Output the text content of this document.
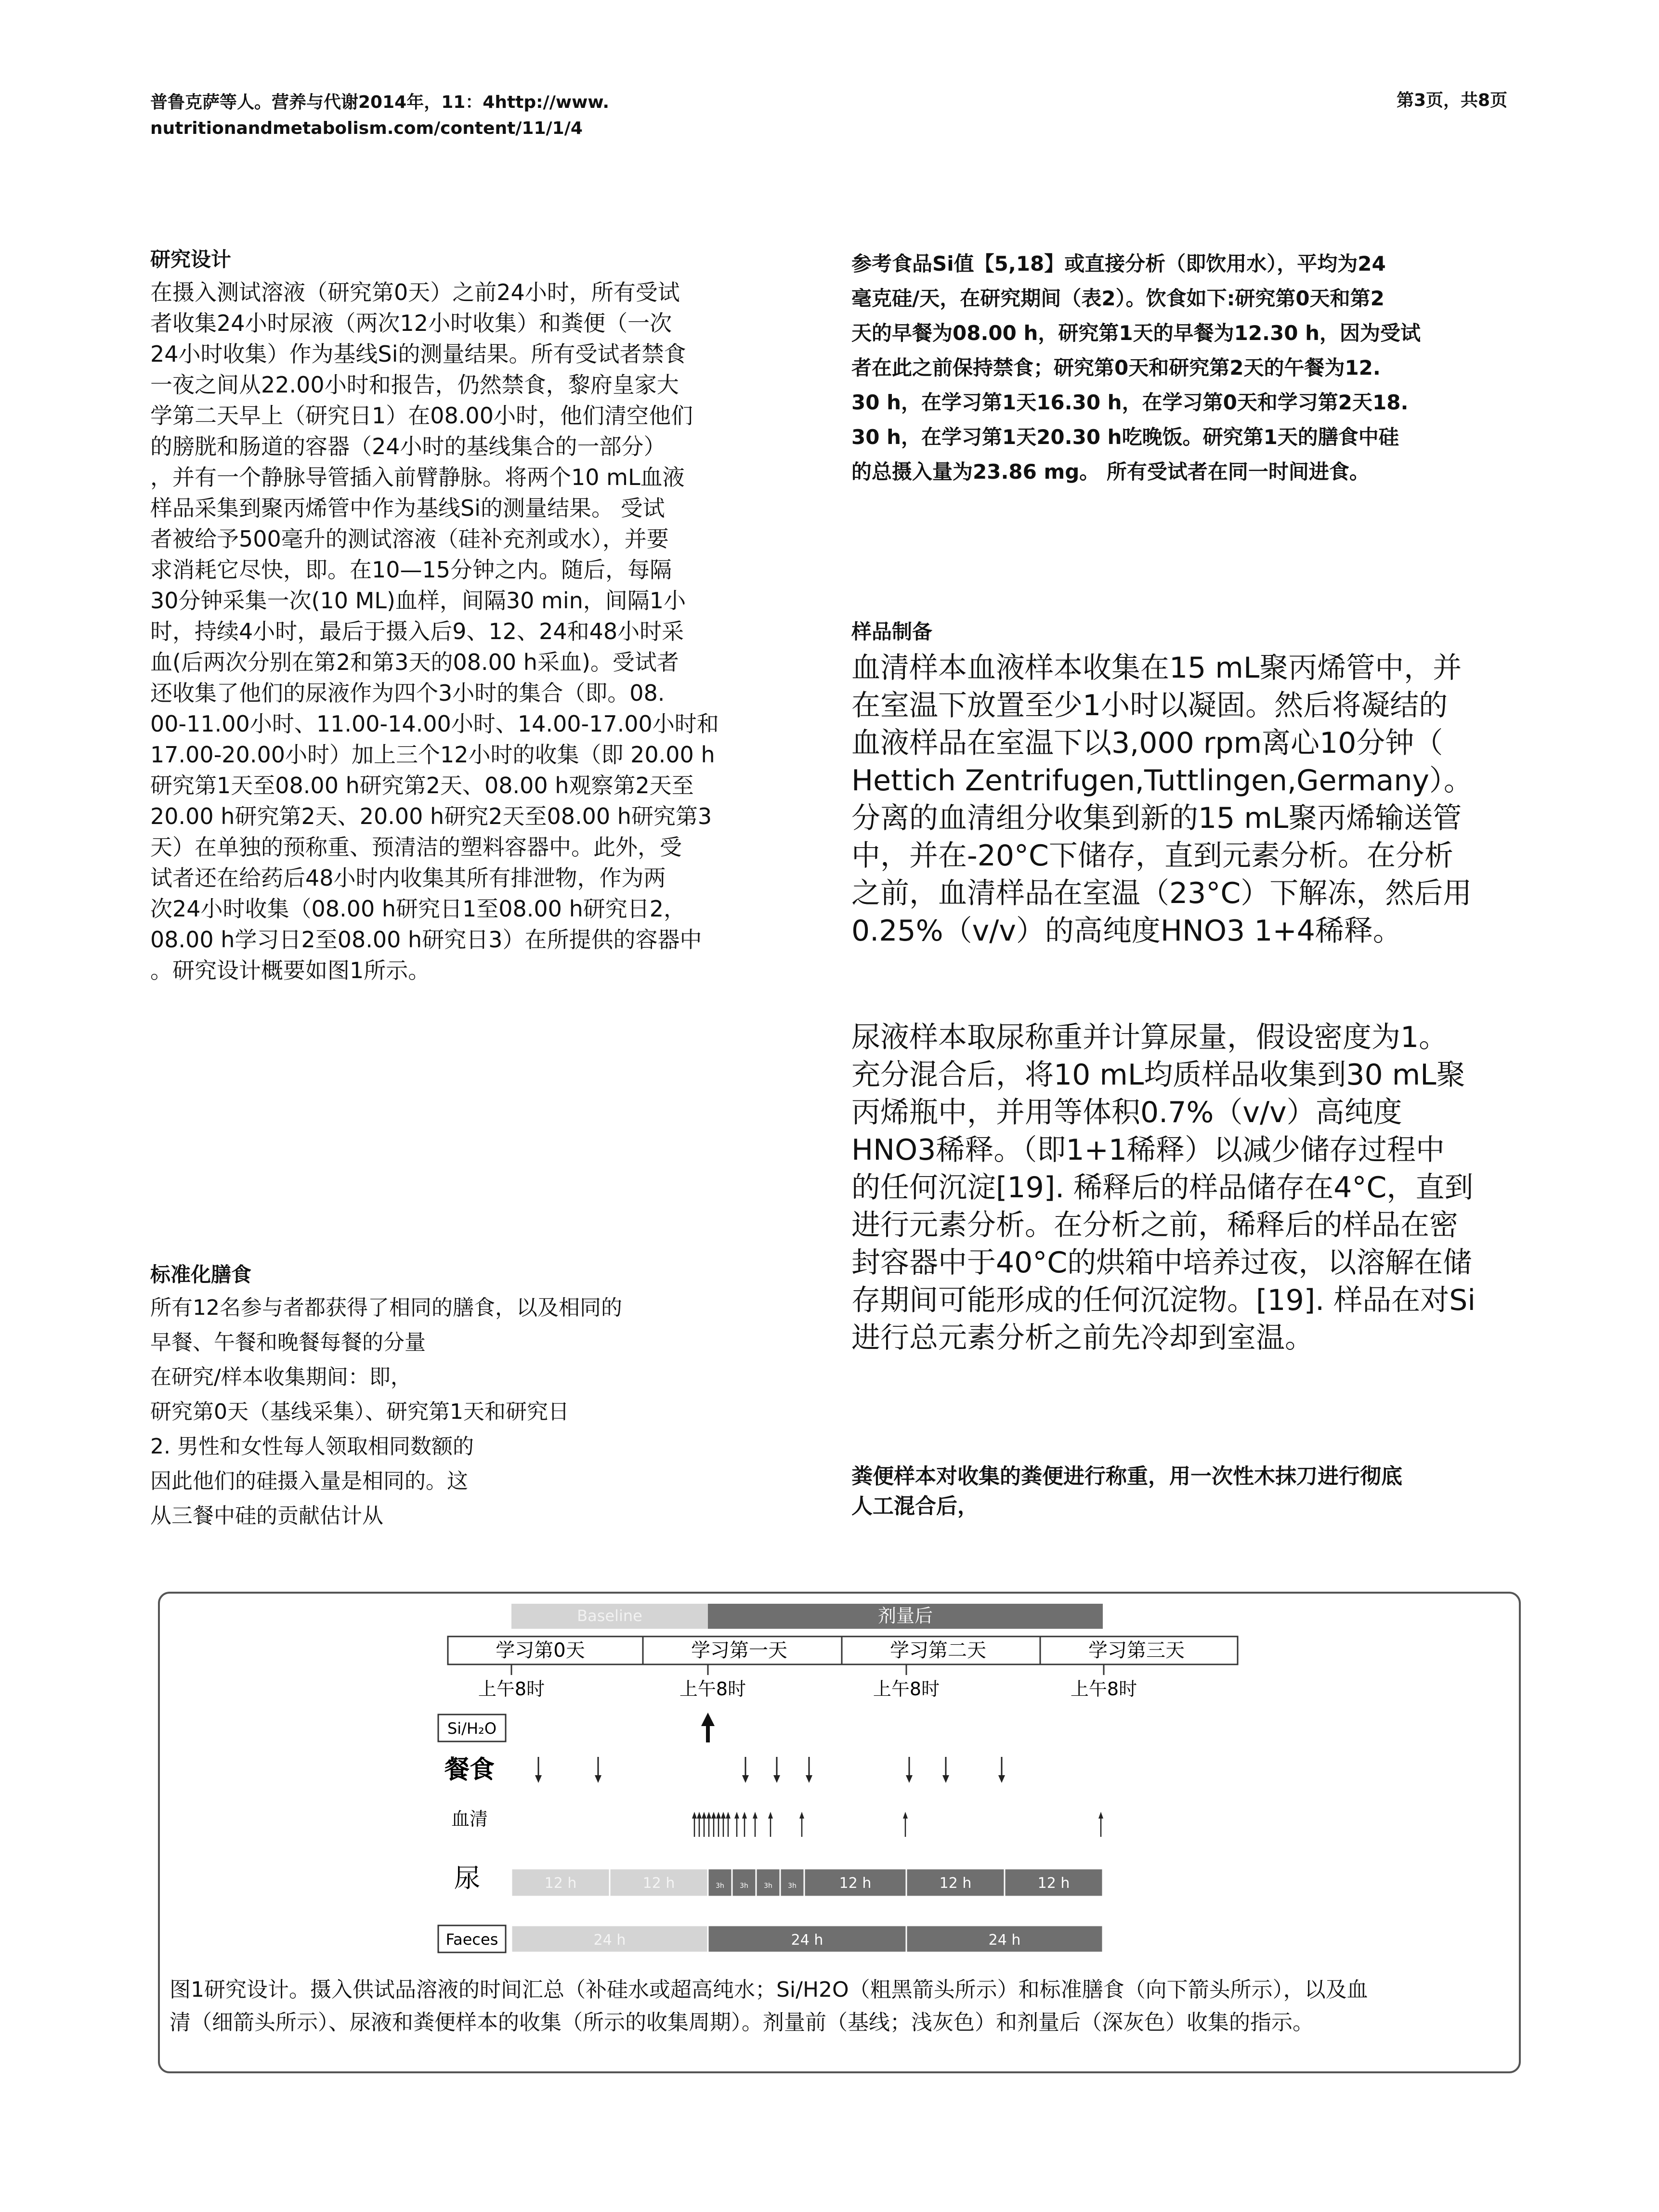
普鲁克萨等人。营养与代谢2014年，11：4http://www.
nutritionandmetabolism.com/content/11/1/4
第3页，共8页
研究设计
在摄入测试溶液（研究第0天）之前24小时，所有受试
者收集24小时尿液（两次12小时收集）和粪便（一次
24小时收集）作为基线Si的测量结果。所有受试者禁食
一夜之间从22.00小时和报告，仍然禁食，黎府皇家大
学第二天早上（研究日1）在08.00小时，他们清空他们
的膀胱和肠道的容器（24小时的基线集合的一部分）
，并有一个静脉导管插入前臂静脉。将两个10 mL血液
样品采集到聚丙烯管中作为基线Si的测量结果。 受试
者被给予500毫升的测试溶液（硅补充剂或水），并要
求消耗它尽快，即。在10—15分钟之内。随后，每隔
30分钟采集一次(10 ML)血样，间隔30 min，间隔1小
时，持续4小时，最后于摄入后9、12、24和48小时采
血(后两次分别在第2和第3天的08.00 h采血)。受试者
还收集了他们的尿液作为四个3小时的集合（即。08.
00-11.00小时、11.00-14.00小时、14.00-17.00小时和
17.00-20.00小时）加上三个12小时的收集（即 20.00 h
研究第1天至08.00 h研究第2天、08.00 h观察第2天至
20.00 h研究第2天、20.00 h研究2天至08.00 h研究第3
天）在单独的预称重、预清洁的塑料容器中。此外，受
试者还在给药后48小时内收集其所有排泄物，作为两
次24小时收集（08.00 h研究日1至08.00 h研究日2，
08.00 h学习日2至08.00 h研究日3）在所提供的容器中
。研究设计概要如图1所示。
标准化膳食
所有12名参与者都获得了相同的膳食，以及相同的
早餐、午餐和晚餐每餐的分量
在研究/样本收集期间：即，
研究第0天（基线采集）、研究第1天和研究日
2. 男性和女性每人领取相同数额的
因此他们的硅摄入量是相同的。这
从三餐中硅的贡献估计从
参考食品Si值【5,18】或直接分析（即饮用水），平均为24
毫克硅/天，在研究期间（表2）。饮食如下:研究第0天和第2
天的早餐为08.00 h，研究第1天的早餐为12.30 h，因为受试
者在此之前保持禁食；研究第0天和研究第2天的午餐为12.
30 h，在学习第1天16.30 h，在学习第0天和学习第2天18.
30 h，在学习第1天20.30 h吃晚饭。研究第1天的膳食中硅
的总摄入量为23.86 mg。 所有受试者在同一时间进食。
样品制备
血清样本血液样本收集在15 mL聚丙烯管中，并
在室温下放置至少1小时以凝固。然后将凝结的
血液样品在室温下以3,000 rpm离心10分钟（
Hettich Zentrifugen,Tuttlingen,Germany）。
分离的血清组分收集到新的15 mL聚丙烯输送管
中，并在-20°C下储存，直到元素分析。在分析
之前，血清样品在室温（23°C）下解冻，然后用
0.25%（v/v）的高纯度HNO3 1+4稀释。
尿液样本取尿称重并计算尿量，假设密度为1。
充分混合后，将10 mL均质样品收集到30 mL聚
丙烯瓶中，并用等体积0.7%（v/v）高纯度
HNO3稀释。（即1+1稀释）以减少储存过程中
的任何沉淀[19]. 稀释后的样品储存在4°C，直到
进行元素分析。在分析之前，稀释后的样品在密
封容器中于40°C的烘箱中培养过夜，以溶解在储
存期间可能形成的任何沉淀物。[19]. 样品在对Si
进行总元素分析之前先冷却到室温。
粪便样本对收集的粪便进行称重，用一次性木抹刀进行彻底
人工混合后，
Baseline	剂量后
学习第0天	学习第一天	学习第二天	学习第三天
上午8时	上午8时	上午8时	上午8时
Si/H₂O
餐食
血清
尿
Faeces
12 h	12 h	3h 3h 3h 3h	12 h	12 h	12 h
24 h	24 h	24 h
图1研究设计。摄入供试品溶液的时间汇总（补硅水或超高纯水；Si/H2O（粗黑箭头所示）和标准膳食（向下箭头所示），以及血
清（细箭头所示）、尿液和粪便样本的收集（所示的收集周期）。剂量前（基线；浅灰色）和剂量后（深灰色）收集的指示。
